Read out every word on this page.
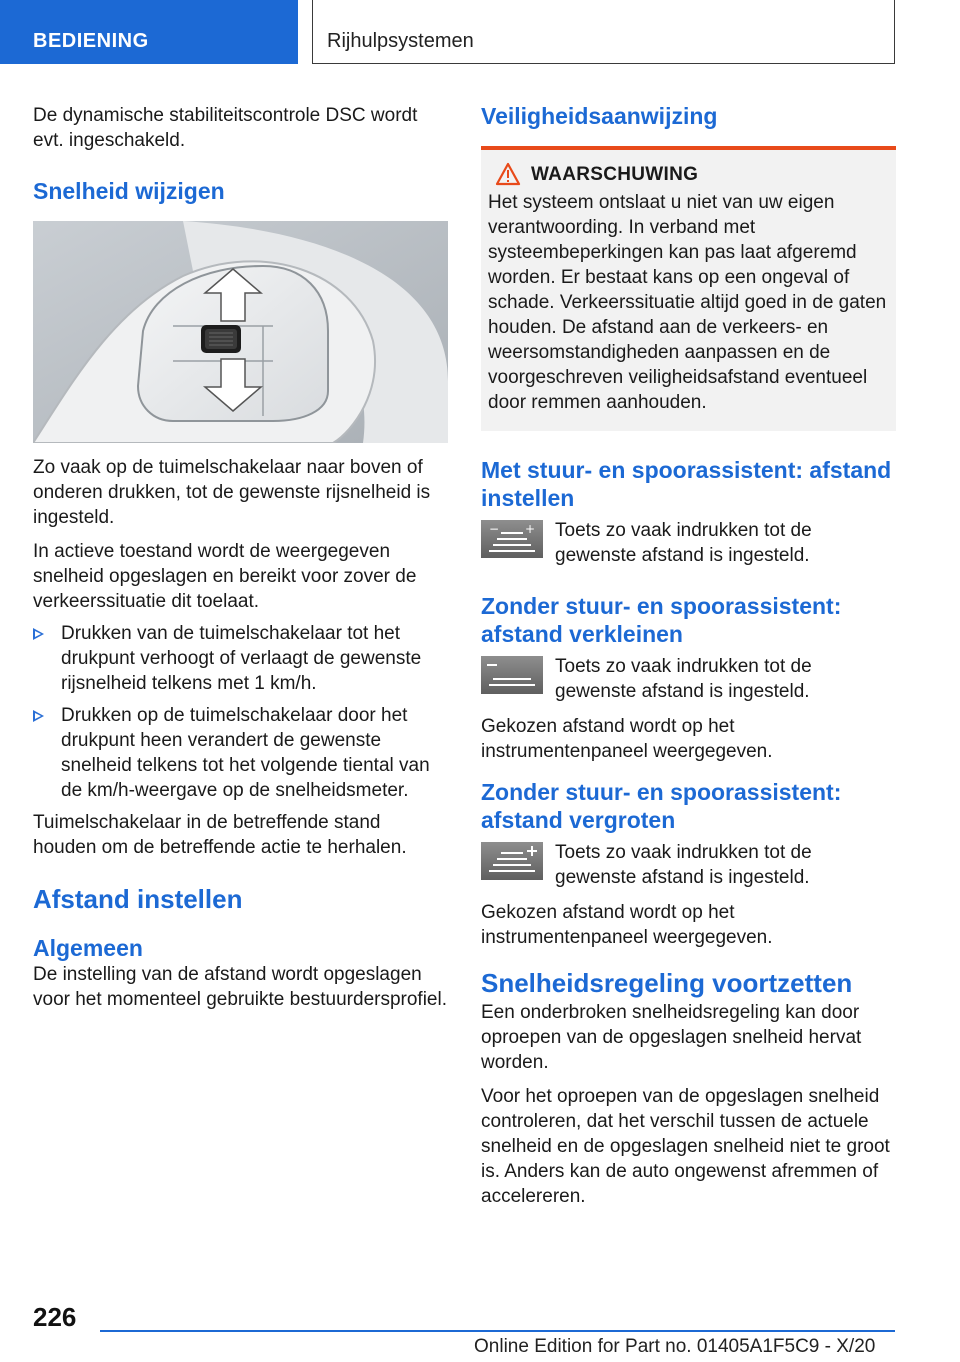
BEDIENING	Rijhulpsystemen

De dynamische stabiliteitscontrole DSC wordt evt. ingeschakeld.

Snelheid wijzigen

Zo vaak op de tuimelschakelaar naar boven of onderen drukken, tot de gewenste rijsnelheid is ingesteld.

In actieve toestand wordt de weergegeven snelheid opgeslagen en bereikt voor zover de verkeerssituatie dit toelaat.

Drukken van de tuimelschakelaar tot het drukpunt verhoogt of verlaagt de gewenste rijsnelheid telkens met 1 km/h.
Drukken op de tuimelschakelaar door het drukpunt heen verandert de gewenste snelheid telkens tot het volgende tiental van de km/h-weergave op de snelheidsmeter.

Tuimelschakelaar in de betreffende stand houden om de betreffende actie te herhalen.

Afstand instellen
Algemeen

De instelling van de afstand wordt opgeslagen voor het momenteel gebruikte bestuurdersprofiel.

Veiligheidsaanwijzing
WAARSCHUWING

Het systeem ontslaat u niet van uw eigen verantwoording. In verband met systeembeperkingen kan pas laat afgeremd worden. Er bestaat kans op een ongeval of schade. Verkeerssituatie altijd goed in de gaten houden. De afstand aan de verkeers- en weersomstandigheden aanpassen en de voorgeschreven veiligheidsafstand eventueel door remmen aanhouden.

Met stuur- en spoorassistent: afstand instellen
− + Toets zo vaak indrukken tot de gewenste afstand is ingesteld.

Zonder stuur- en spoorassistent: afstand verkleinen

Toets zo vaak indrukken tot de gewenste afstand is ingesteld.

Gekozen afstand wordt op het instrumentenpaneel weergegeven.

Zonder stuur- en spoorassistent: afstand vergroten

Toets zo vaak indrukken tot de gewenste afstand is ingesteld.

Gekozen afstand wordt op het instrumentenpaneel weergegeven.

Snelheidsregeling voortzetten

Een onderbroken snelheidsregeling kan door oproepen van de opgeslagen snelheid hervat worden.

Voor het oproepen van de opgeslagen snelheid controleren, dat het verschil tussen de actuele snelheid en de opgeslagen snelheid niet te groot is. Anders kan de auto ongewenst afremmen of accelereren.

226
Online Edition for Part no. 01405A1F5C9 - X/20
